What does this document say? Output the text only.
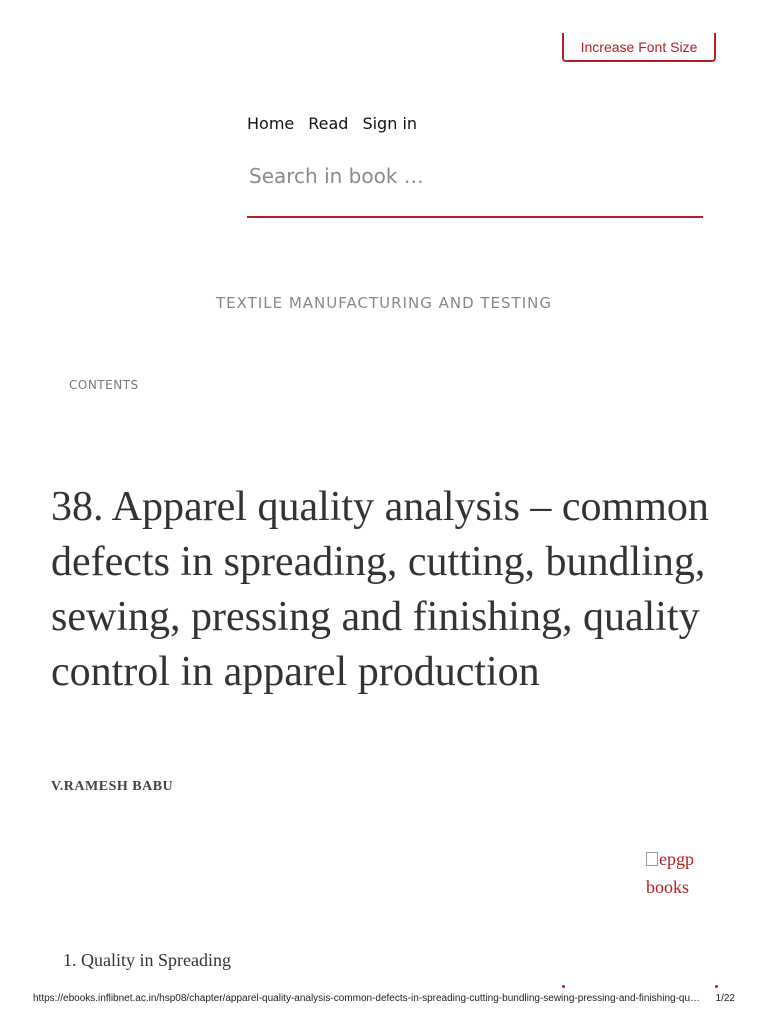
Increase Font Size
Home Read Sign in
Search in book …
TEXTILE MANUFACTURING AND TESTING
CONTENTS
38. Apparel quality analysis – common defects in spreading, cutting, bundling, sewing, pressing and finishing, quality control in apparel production
V.RAMESH BABU
epgp books
1. Quality in Spreading
https://ebooks.inflibnet.ac.in/hsp08/chapter/apparel-quality-analysis-common-defects-in-spreading-cutting-bundling-sewing-pressing-and-finishing-qu… 1/22
